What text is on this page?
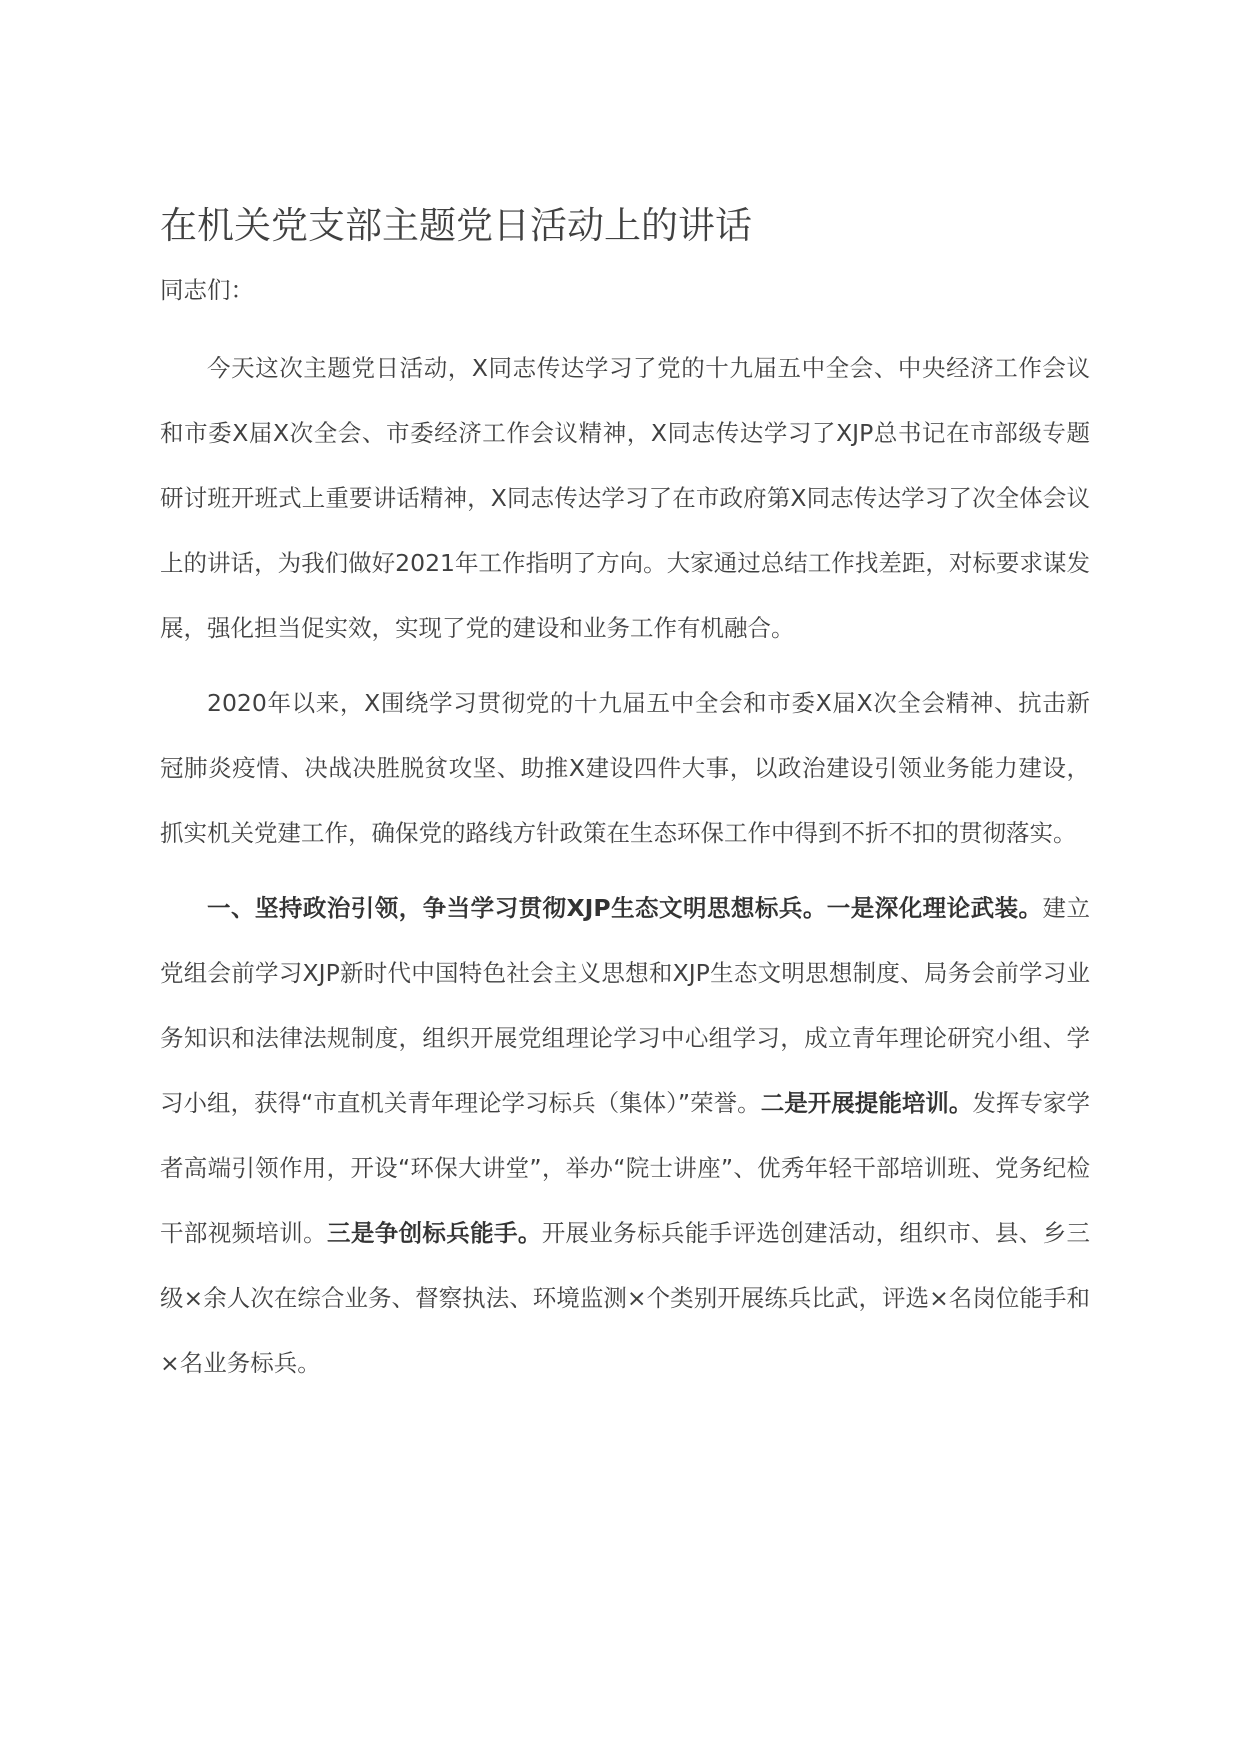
在机关党支部主题党日活动上的讲话

同志们：

今天这次主题党日活动，X同志传达学习了党的十九届五中全会、中央经济工作会议和市委X届X次全会、市委经济工作会议精神，X同志传达学习了XJP总书记在市部级专题研讨班开班式上重要讲话精神，X同志传达学习了在市政府第X同志传达学习了次全体会议上的讲话，为我们做好2021年工作指明了方向。大家通过总结工作找差距，对标要求谋发展，强化担当促实效，实现了党的建设和业务工作有机融合。

2020年以来，X围绕学习贯彻党的十九届五中全会和市委X届X次全会精神、抗击新冠肺炎疫情、决战决胜脱贫攻坚、助推X建设四件大事，以政治建设引领业务能力建设，抓实机关党建工作，确保党的路线方针政策在生态环保工作中得到不折不扣的贯彻落实。

一、坚持政治引领，争当学习贯彻XJP生态文明思想标兵。一是深化理论武装。建立党组会前学习XJP新时代中国特色社会主义思想和XJP生态文明思想制度、局务会前学习业务知识和法律法规制度，组织开展党组理论学习中心组学习，成立青年理论研究小组、学习小组，获得“市直机关青年理论学习标兵（集体）”荣誉。二是开展提能培训。发挥专家学者高端引领作用，开设“环保大讲堂”，举办“院士讲座”、优秀年轻干部培训班、党务纪检干部视频培训。三是争创标兵能手。开展业务标兵能手评选创建活动，组织市、县、乡三级×余人次在综合业务、督察执法、环境监测×个类别开展练兵比武，评选×名岗位能手和×名业务标兵。
